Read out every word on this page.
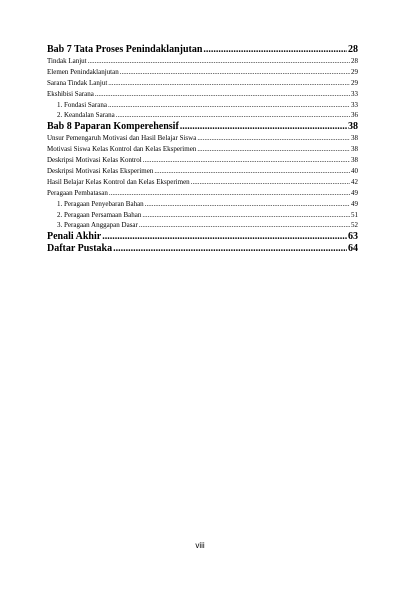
Bab 7 Tata Proses Penindaklanjutan .....	28
Tindak Lanjut .....	28
Elemen Penindaklanjutan .....	29
Sarana Tindak Lanjut .....	29
Ekshibisi Sarana .....	33
1. Fondasi Sarana .....	33
2. Keandalan Sarana .....	36
Bab 8 Paparan Komperehensif .....	38
Unsur Pemengaruh Motivasi dan Hasil Belajar Siswa .....	38
Motivasi Siswa Kelas Kontrol dan Kelas Eksperimen .....	38
Deskripsi Motivasi Kelas Kontrol .....	38
Deskripsi Motivasi Kelas Eksperimen .....	40
Hasil Belajar Kelas Kontrol dan Kelas Eksperimen .....	42
Peragaan Pembatasan .....	49
1. Peragaan Penyebaran Bahan .....	49
2. Peragaan Persamaan Bahan .....	51
3. Peragaan Anggapan Dasar .....	52
Penali Akhir .....	63
Daftar Pustaka .....	64
viii
